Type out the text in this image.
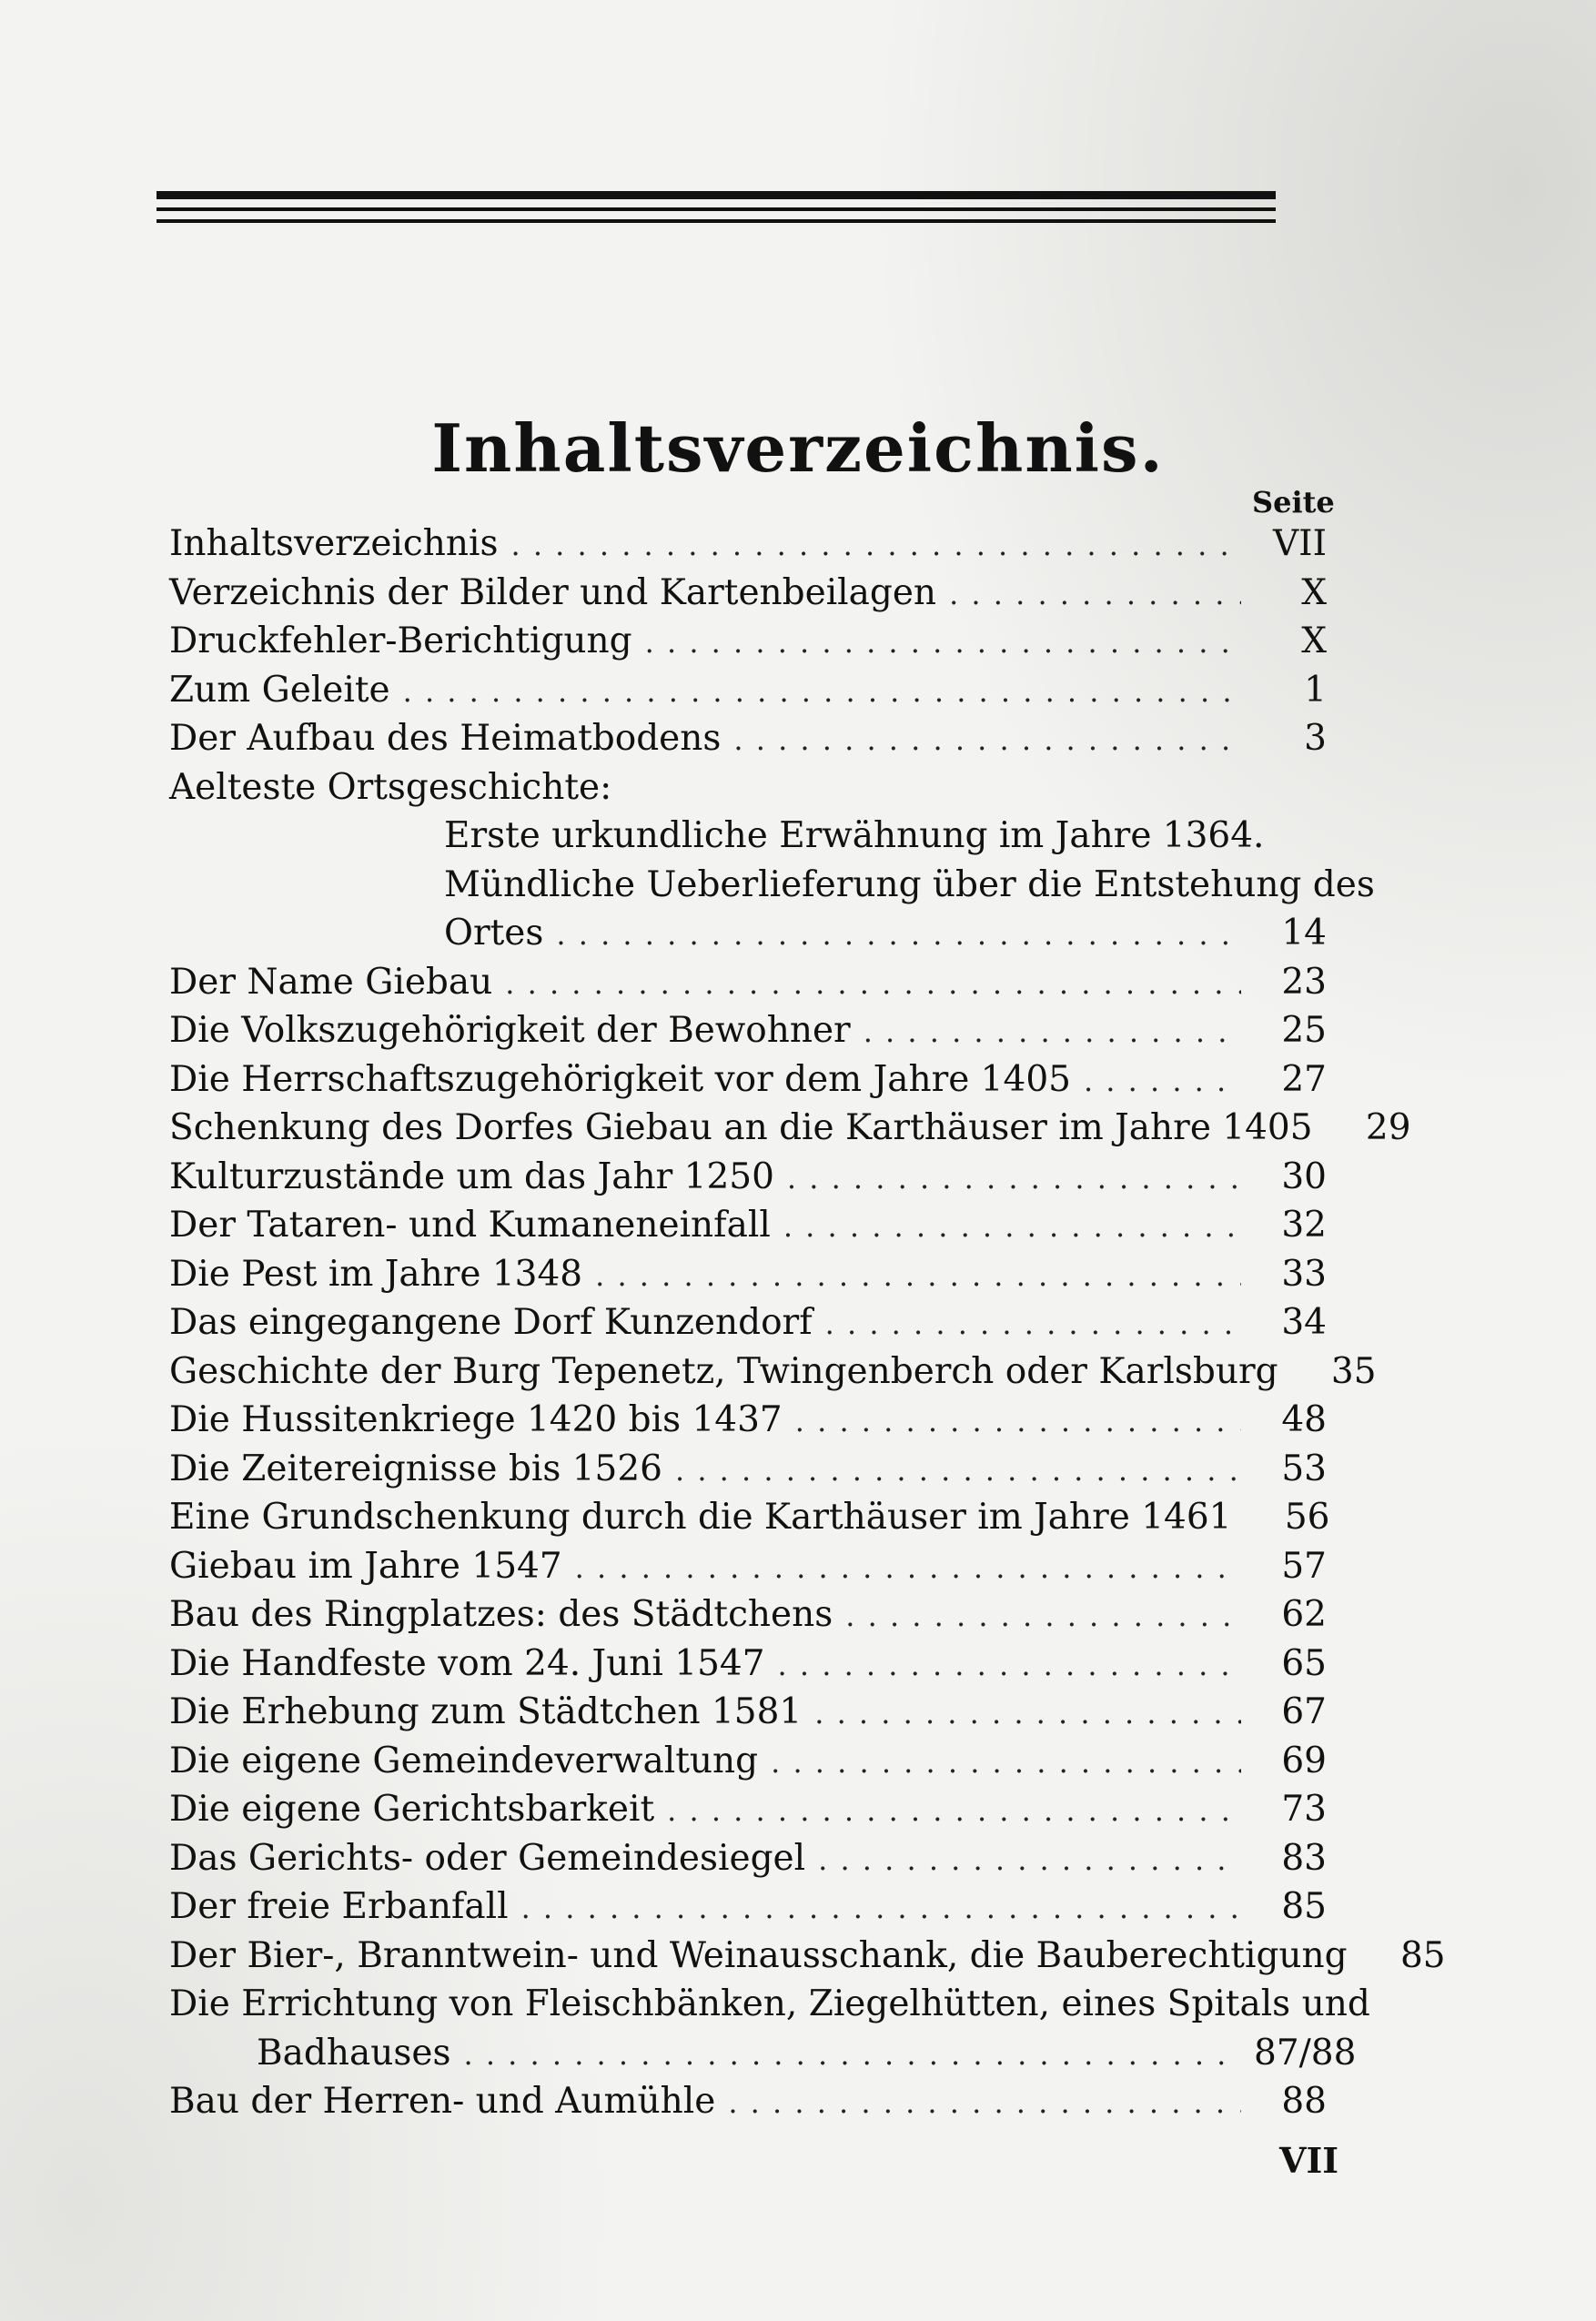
Inhaltsverzeichnis.
Seite
Inhaltsverzeichnis . . .	VII
Verzeichnis der Bilder und Kartenbeilagen . . .	X
Druckfehler-Berichtigung . . .	X
Zum Geleite . . .	1
Der Aufbau des Heimatbodens . . .	3
Aelteste Ortsgeschichte:
Erste urkundliche Erwähnung im Jahre 1364.
Mündliche Ueberlieferung über die Entstehung des
Ortes . . .	14
Der Name Giebau . . .	23
Die Volkszugehörigkeit der Bewohner . . .	25
Die Herrschaftszugehörigkeit vor dem Jahre 1405 . . .	27
Schenkung des Dorfes Giebau an die Karthäuser im Jahre 1405	29
Kulturzustände um das Jahr 1250 . . .	30
Der Tataren- und Kumaneneinfall . . .	32
Die Pest im Jahre 1348 . . .	33
Das eingegangene Dorf Kunzendorf . . .	34
Geschichte der Burg Tepenetz, Twingenberch oder Karlsburg	35
Die Hussitenkriege 1420 bis 1437 . . .	48
Die Zeitereignisse bis 1526 . . .	53
Eine Grundschenkung durch die Karthäuser im Jahre 1461	56
Giebau im Jahre 1547 . . .	57
Bau des Ringplatzes: des Städtchens . . .	62
Die Handfeste vom 24. Juni 1547 . . .	65
Die Erhebung zum Städtchen 1581 . . .	67
Die eigene Gemeindeverwaltung . . .	69
Die eigene Gerichtsbarkeit . . .	73
Das Gerichts- oder Gemeindesiegel . . .	83
Der freie Erbanfall . . .	85
Der Bier-, Branntwein- und Weinausschank, die Bauberechtigung	85
Die Errichtung von Fleischbänken, Ziegelhütten, eines Spitals und
Badhauses . . .	87/88
Bau der Herren- und Aumühle . . .	88
VII
